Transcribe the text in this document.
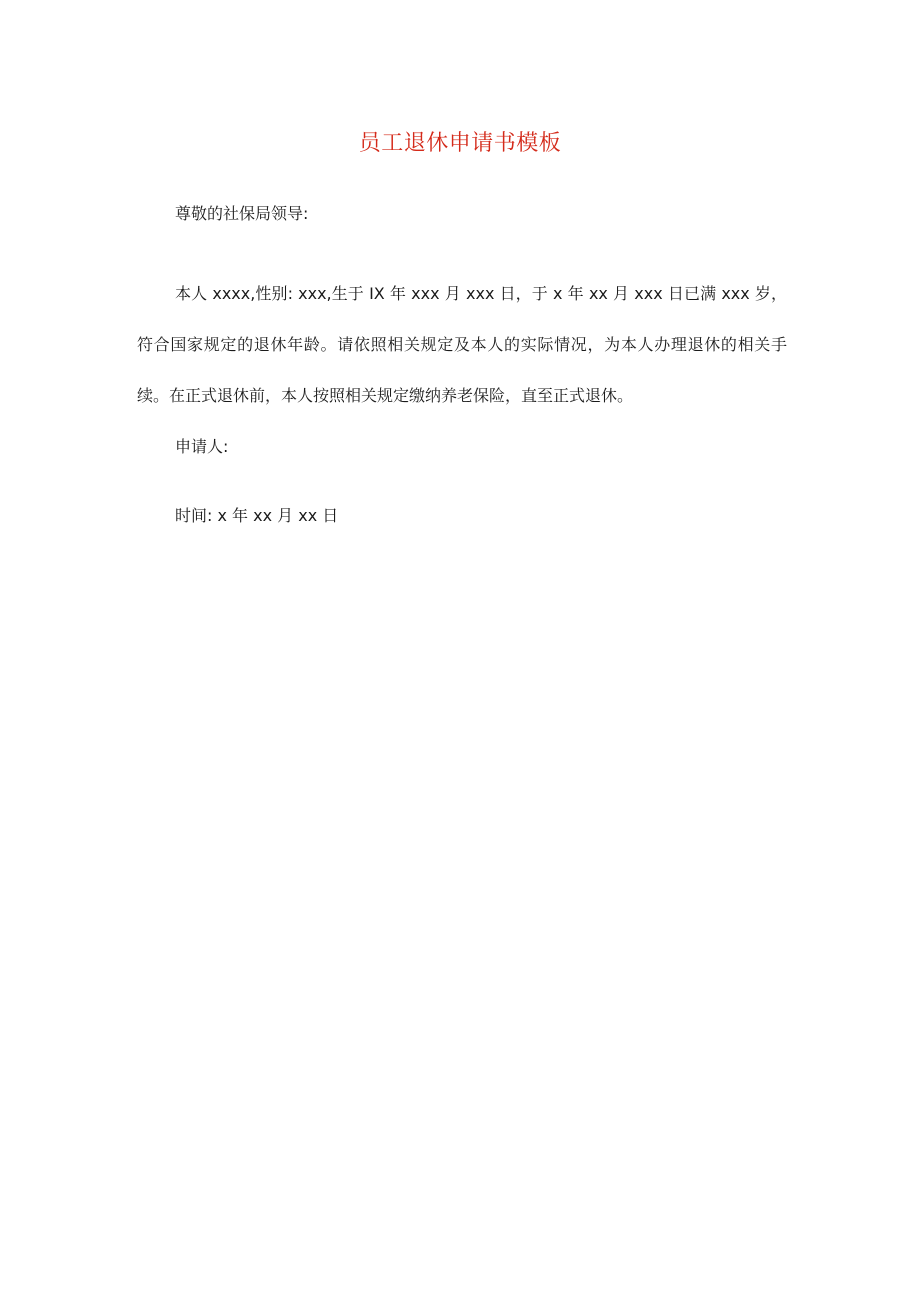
员工退休申请书模板
尊敬的社保局领导:

本人 xxxx,性别: xxx,生于 IX 年 xxx 月 xxx 日，于 x 年 xx 月 xxx 日已满 xxx 岁，符合国家规定的退休年龄。请依照相关规定及本人的实际情况，为本人办理退休的相关手续。在正式退休前，本人按照相关规定缴纳养老保险，直至正式退休。

申请人:
时间: x 年 xx 月 xx 日
